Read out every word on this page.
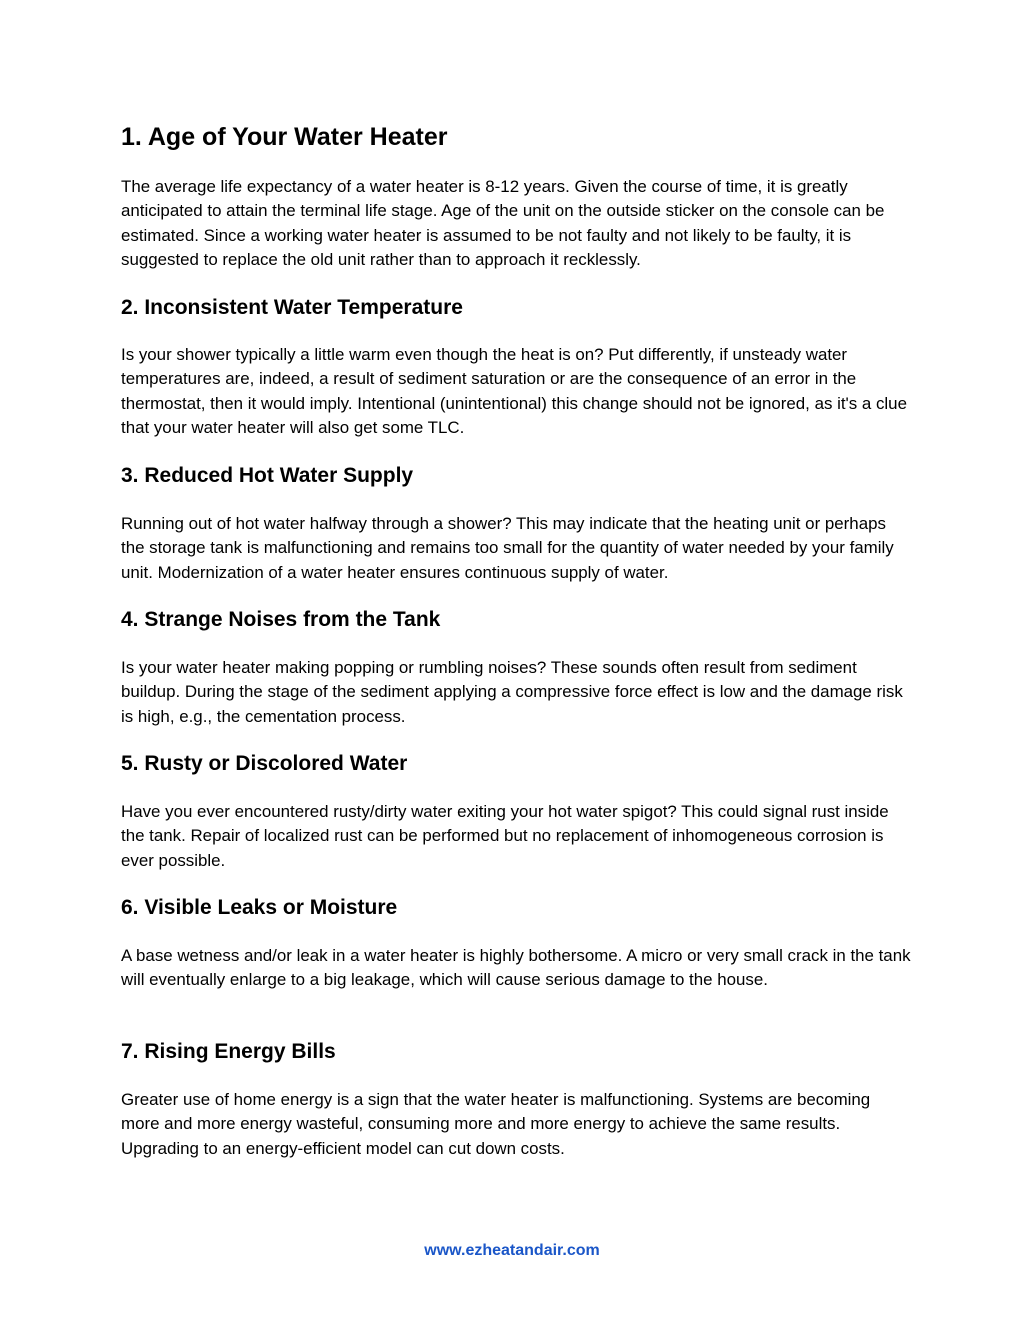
1. Age of Your Water Heater

The average life expectancy of a water heater is 8-12 years. Given the course of time, it is greatly anticipated to attain the terminal life stage. Age of the unit on the outside sticker on the console can be estimated. Since a working water heater is assumed to be not faulty and not likely to be faulty, it is suggested to replace the old unit rather than to approach it recklessly.

2. Inconsistent Water Temperature

Is your shower typically a little warm even though the heat is on? Put differently, if unsteady water temperatures are, indeed, a result of sediment saturation or are the consequence of an error in the thermostat, then it would imply. Intentional (unintentional) this change should not be ignored, as it's a clue that your water heater will also get some TLC.

3. Reduced Hot Water Supply

Running out of hot water halfway through a shower? This may indicate that the heating unit or perhaps the storage tank is malfunctioning and remains too small for the quantity of water needed by your family unit. Modernization of a water heater ensures continuous supply of water.

4. Strange Noises from the Tank

Is your water heater making popping or rumbling noises? These sounds often result from sediment buildup. During the stage of the sediment applying a compressive force effect is low and the damage risk is high, e.g., the cementation process.

5. Rusty or Discolored Water

Have you ever encountered rusty/dirty water exiting your hot water spigot? This could signal rust inside the tank. Repair of localized rust can be performed but no replacement of inhomogeneous corrosion is ever possible.

6. Visible Leaks or Moisture

A base wetness and/or leak in a water heater is highly bothersome. A micro or very small crack in the tank will eventually enlarge to a big leakage, which will cause serious damage to the house.

7. Rising Energy Bills

Greater use of home energy is a sign that the water heater is malfunctioning. Systems are becoming more and more energy wasteful, consuming more and more energy to achieve the same results. Upgrading to an energy-efficient model can cut down costs.

www.ezheatandair.com
